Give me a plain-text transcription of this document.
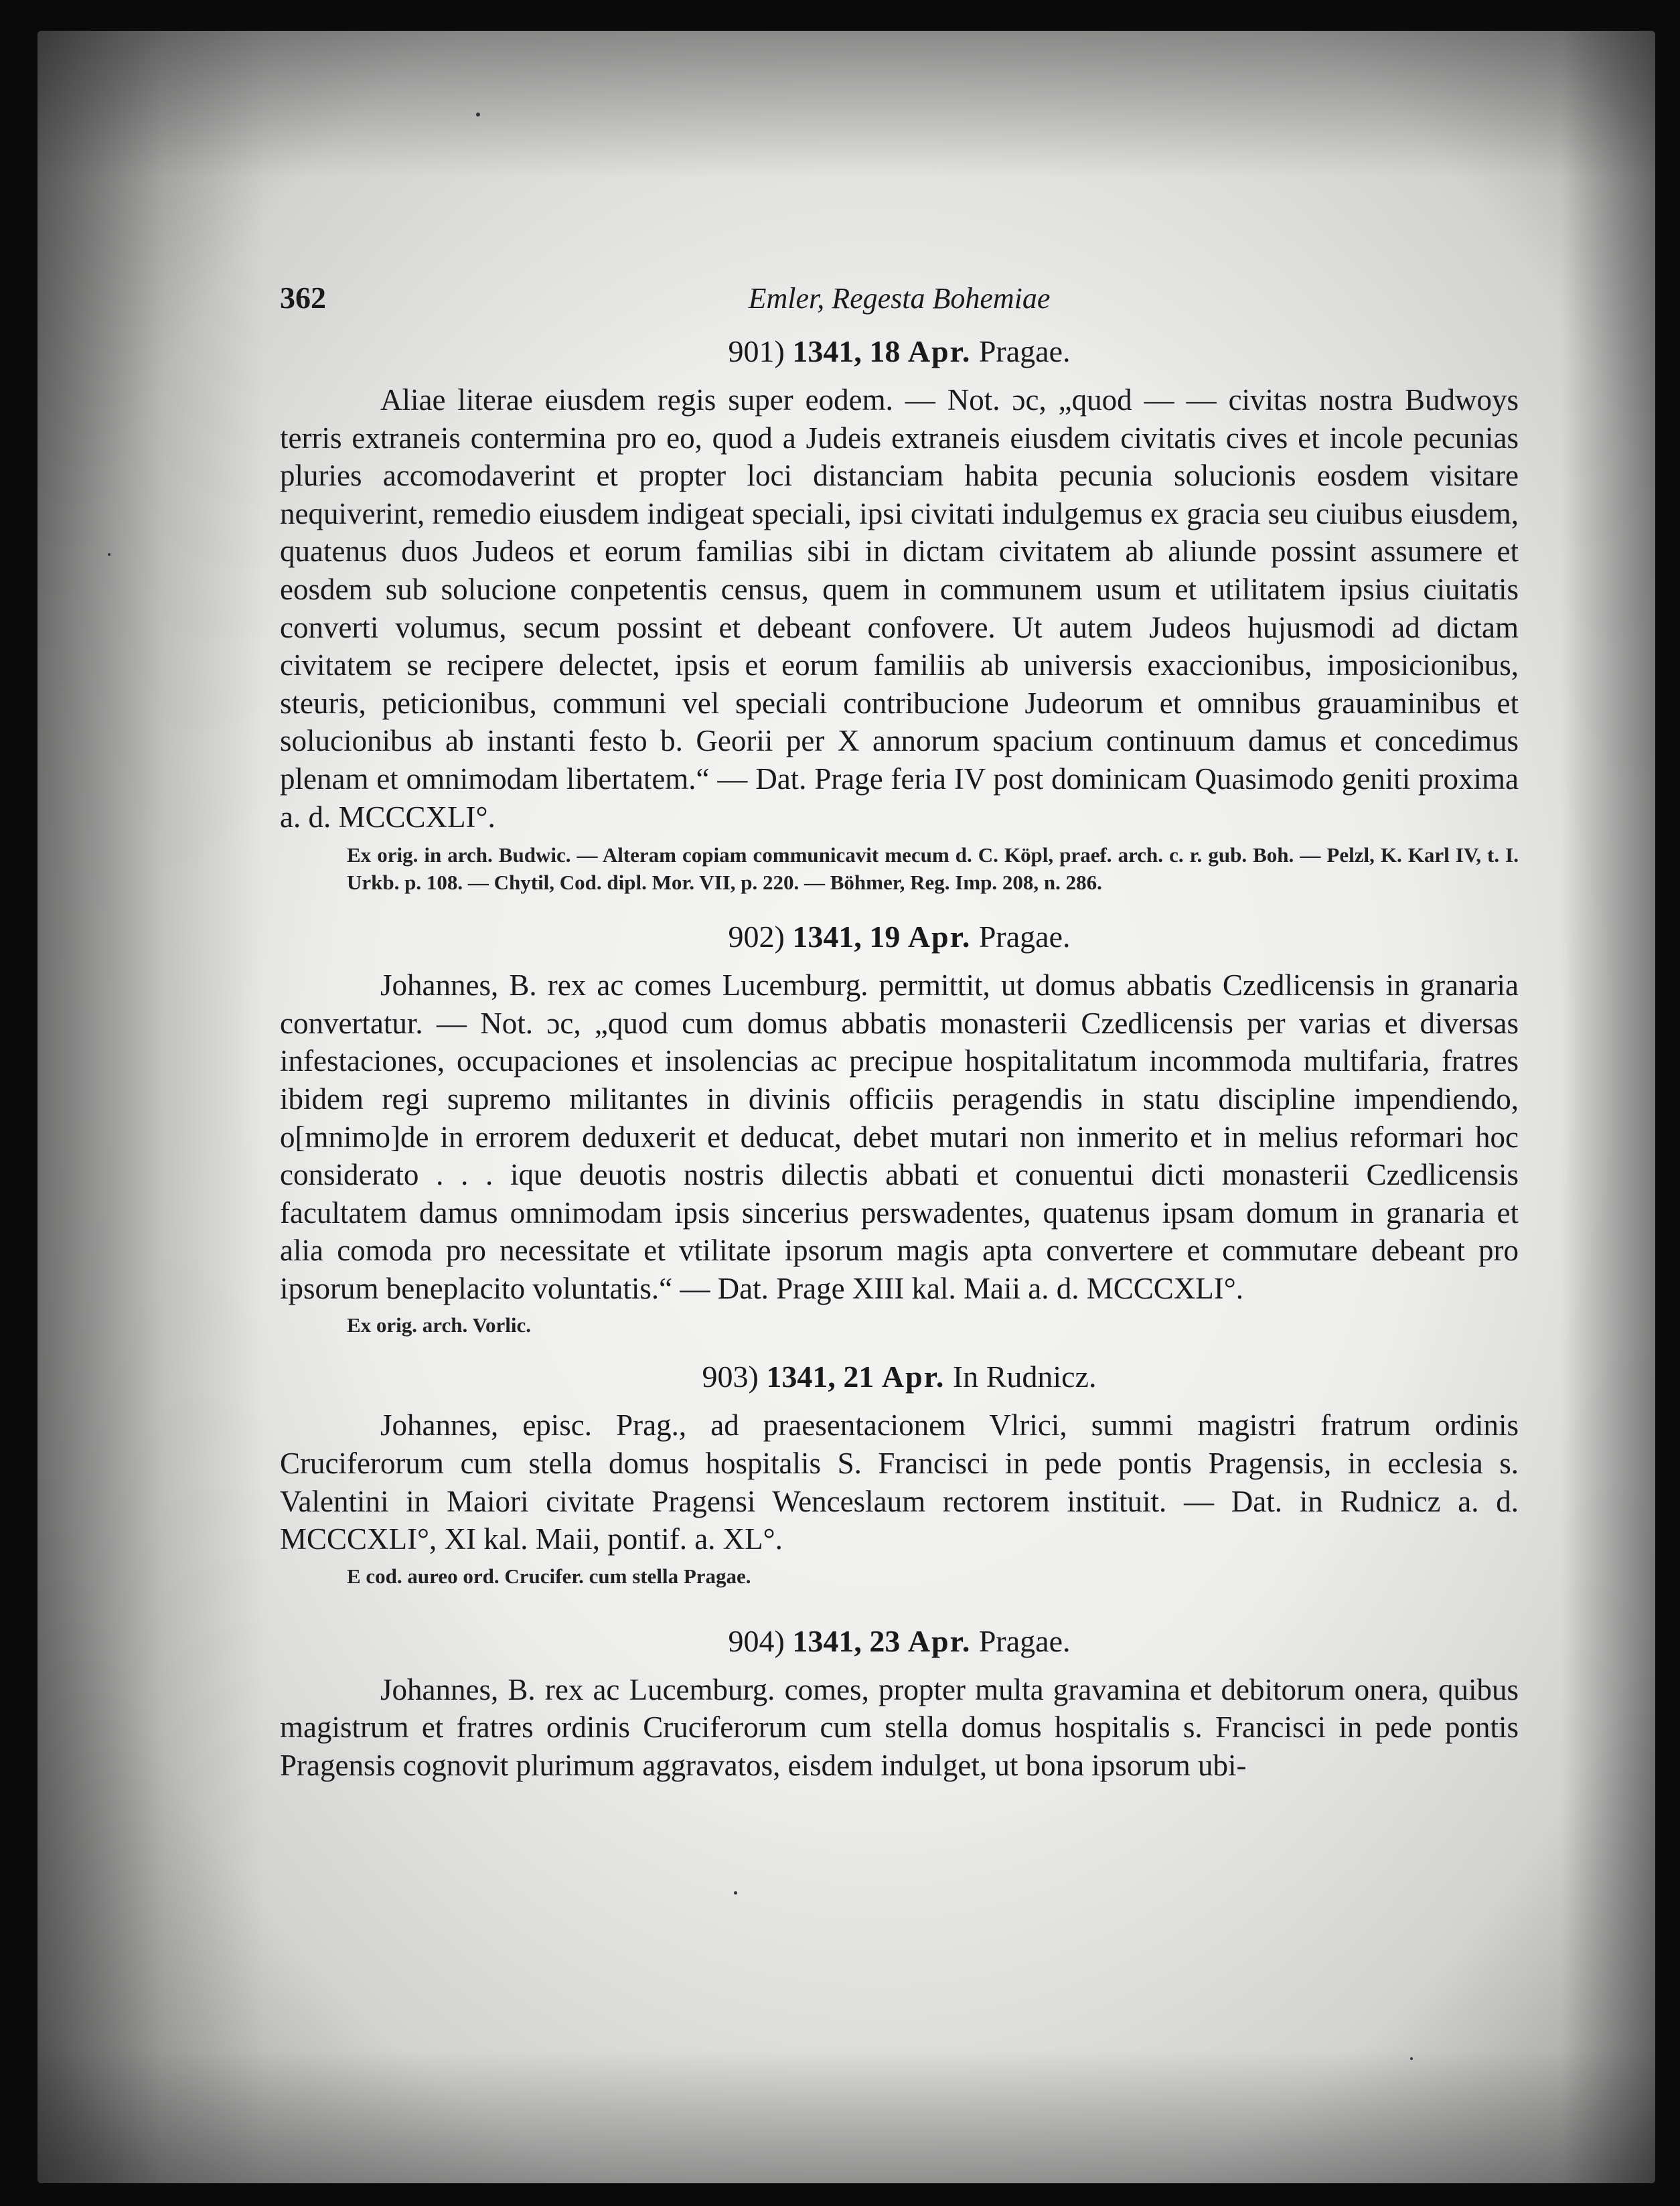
362	Emler, Regesta Bohemiae
901) 1341, 18 Apr. Pragae.

Aliae literae eiusdem regis super eodem. — Not. ɔc, „quod — — civitas nostra Budwoys terris extraneis contermina pro eo, quod a Judeis extraneis eiusdem civitatis cives et incole pecunias pluries accomodaverint et propter loci distanciam habita pecunia solucionis eosdem visitare nequiverint, remedio eiusdem indigeat speciali, ipsi civitati indulgemus ex gracia seu ciuibus eiusdem, quatenus duos Judeos et eorum familias sibi in dictam civitatem ab aliunde possint assumere et eosdem sub solucione conpetentis census, quem in communem usum et utilitatem ipsius ciuitatis converti volumus, secum possint et debeant confovere. Ut autem Judeos hujusmodi ad dictam civitatem se recipere delectet, ipsis et eorum familiis ab universis exaccionibus, imposicionibus, steuris, peticionibus, communi vel speciali contribucione Judeorum et omnibus grauaminibus et solucionibus ab instanti festo b. Georii per X annorum spacium continuum damus et concedimus plenam et omnimodam libertatem.“ — Dat. Prage feria IV post dominicam Quasimodo geniti proxima a. d. MCCCXLI°.

Ex orig. in arch. Budwic. — Alteram copiam communicavit mecum d. C. Köpl, praef. arch. c. r. gub. Boh. — Pelzl, K. Karl IV, t. I. Urkb. p. 108. — Chytil, Cod. dipl. Mor. VII, p. 220. — Böhmer, Reg. Imp. 208, n. 286.

902) 1341, 19 Apr. Pragae.

Johannes, B. rex ac comes Lucemburg. permittit, ut domus abbatis Czedlicensis in granaria convertatur. — Not. ɔc, „quod cum domus abbatis monasterii Czedlicensis per varias et diversas infestaciones, occupaciones et insolencias ac precipue hospitalitatum incommoda multifaria, fratres ibidem regi supremo militantes in divinis officiis peragendis in statu discipline impendiendo, o[mnimo]de in errorem deduxerit et deducat, debet mutari non inmerito et in melius reformari hoc considerato . . . ique deuotis nostris dilectis abbati et conuentui dicti monasterii Czedlicensis facultatem damus omnimodam ipsis sincerius perswadentes, quatenus ipsam domum in granaria et alia comoda pro necessitate et vtilitate ipsorum magis apta convertere et commutare debeant pro ipsorum beneplacito voluntatis.“ — Dat. Prage XIII kal. Maii a. d. MCCCXLI°.

Ex orig. arch. Vorlic.

903) 1341, 21 Apr. In Rudnicz.

Johannes, episc. Prag., ad praesentacionem Vlrici, summi magistri fratrum ordinis Cruciferorum cum stella domus hospitalis S. Francisci in pede pontis Pragensis, in ecclesia s. Valentini in Maiori civitate Pragensi Wenceslaum rectorem instituit. — Dat. in Rudnicz a. d. MCCCXLI°, XI kal. Maii, pontif. a. XL°.

E cod. aureo ord. Crucifer. cum stella Pragae.

904) 1341, 23 Apr. Pragae.

Johannes, B. rex ac Lucemburg. comes, propter multa gravamina et debitorum onera, quibus magistrum et fratres ordinis Cruciferorum cum stella domus hospitalis s. Francisci in pede pontis Pragensis cognovit plurimum aggravatos, eisdem indulget, ut bona ipsorum ubi-
